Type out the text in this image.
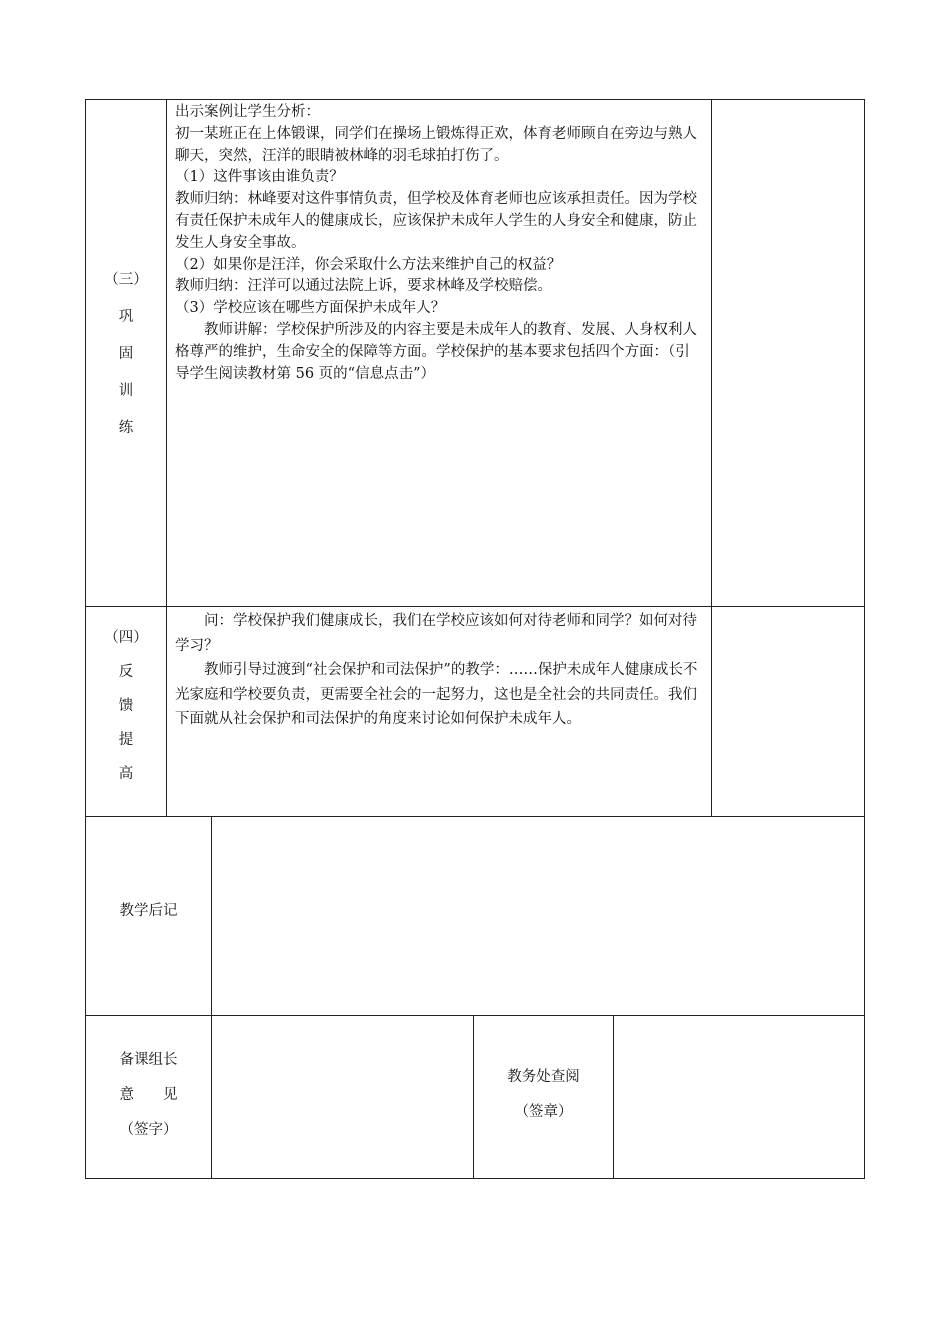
（三）
巩
固
训
练

出示案例让学生分析：

初一某班正在上体锻课，同学们在操场上锻炼得正欢，体育老师顾自在旁边与熟人聊天，突然，汪洋的眼睛被林峰的羽毛球拍打伤了。

（1）这件事该由谁负责？

教师归纳：林峰要对这件事情负责，但学校及体育老师也应该承担责任。因为学校有责任保护未成年人的健康成长，应该保护未成年人学生的人身安全和健康，防止发生人身安全事故。

（2）如果你是汪洋，你会采取什么方法来维护自己的权益？

教师归纳：汪洋可以通过法院上诉，要求林峰及学校赔偿。

（3）学校应该在哪些方面保护未成年人？

教师讲解：学校保护所涉及的内容主要是未成年人的教育、发展、人身权利人格尊严的维护，生命安全的保障等方面。学校保护的基本要求包括四个方面：（引导学生阅读教材第 56 页的“信息点击”）

（四）
反
馈
提
高

问：学校保护我们健康成长，我们在学校应该如何对待老师和同学？如何对待学习？

教师引导过渡到“社会保护和司法保护”的教学：……保护未成年人健康成长不光家庭和学校要负责，更需要全社会的一起努力，这也是全社会的共同责任。我们下面就从社会保护和司法保护的角度来讨论如何保护未成年人。

教学后记
备课组长
意　　见
（签字）
教务处查阅
（签章）
